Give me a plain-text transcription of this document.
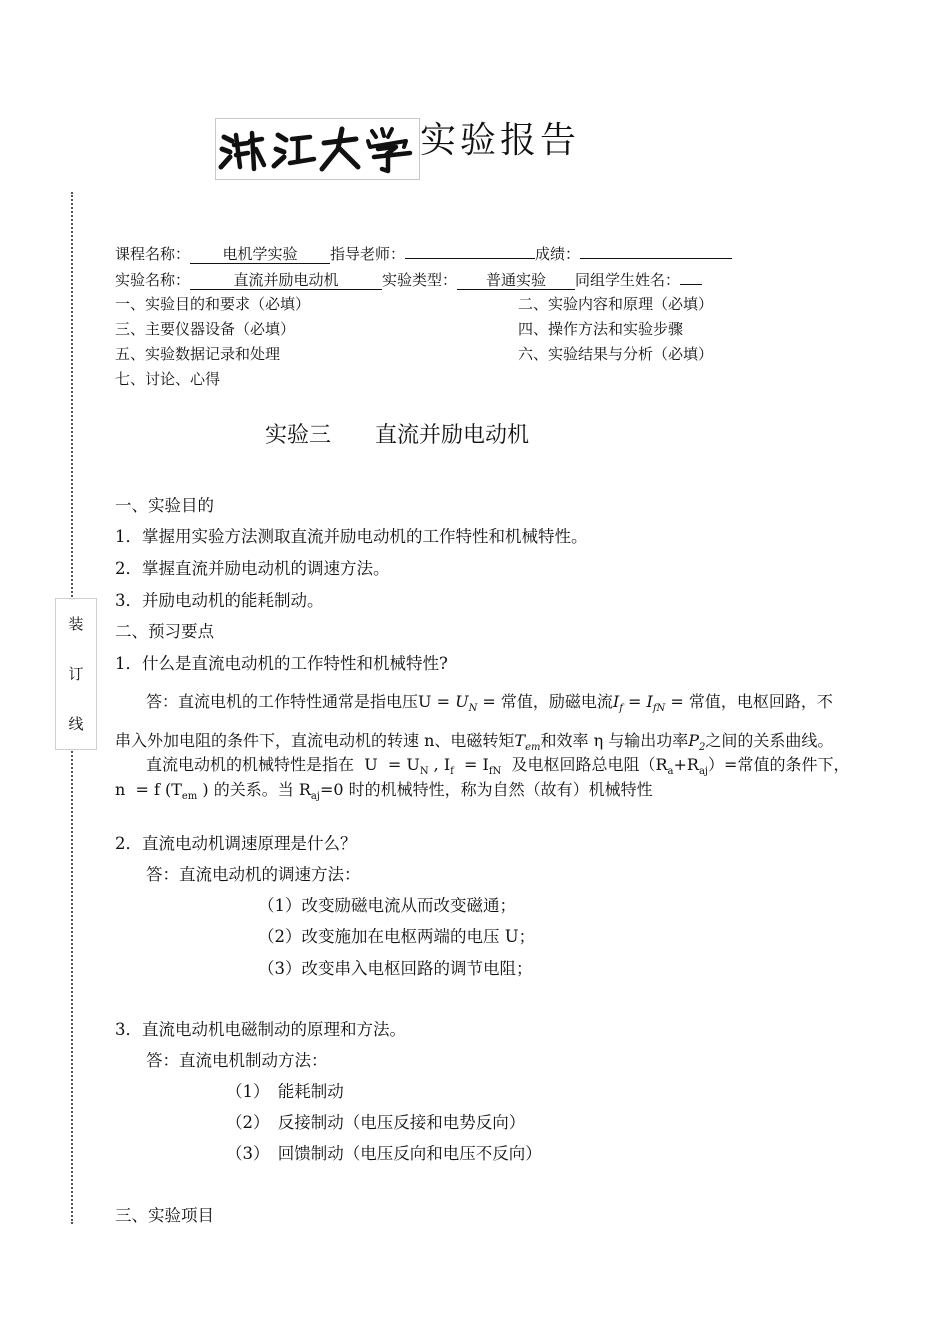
实验报告
装
订
线
课程名称： 电机学实验 指导老师：	成绩：
实验名称：	直流并励电动机	实验类型： 普通实验 同组学生姓名：
一、实验目的和要求（必填）	二、实验内容和原理（必填）
三、主要仪器设备（必填）	四、操作方法和实验步骤
五、实验数据记录和处理	六、实验结果与分析（必填）
七、讨论、心得
实验三　　直流并励电动机
一、实验目的
1．掌握用实验方法测取直流并励电动机的工作特性和机械特性。
2．掌握直流并励电动机的调速方法。
3．并励电动机的能耗制动。
二、预习要点
1．什么是直流电动机的工作特性和机械特性?
答：直流电机的工作特性通常是指电压$U = U_N$ = 常值，励磁电流$I_f = I_{fN}$ = 常值，电枢回路，不
串入外加电阻的条件下，直流电动机的转速 n、电磁转矩$T_{em}$和效率 η 与输出功率$P_2$之间的关系曲线。
直流电动机的机械特性是指在  $U = U_N$ , $I_f = I_{fN}$ 及电枢回路总电阻$(R_a+R_{aj})=$常值的条件下，
n  = f ($T_{em}$ ) 的关系。当 $R_{aj}=0$ 时的机械特性，称为自然（故有）机械特性
2．直流电动机调速原理是什么？
答：直流电动机的调速方法：
（1）改变励磁电流从而改变磁通；
（2）改变施加在电枢两端的电压 U；
（3）改变串入电枢回路的调节电阻；
3．直流电动机电磁制动的原理和方法。
答：直流电机制动方法：
（1）　能耗制动
（2）　反接制动（电压反接和电势反向）
（3）　回馈制动（电压反向和电压不反向）
三、实验项目
